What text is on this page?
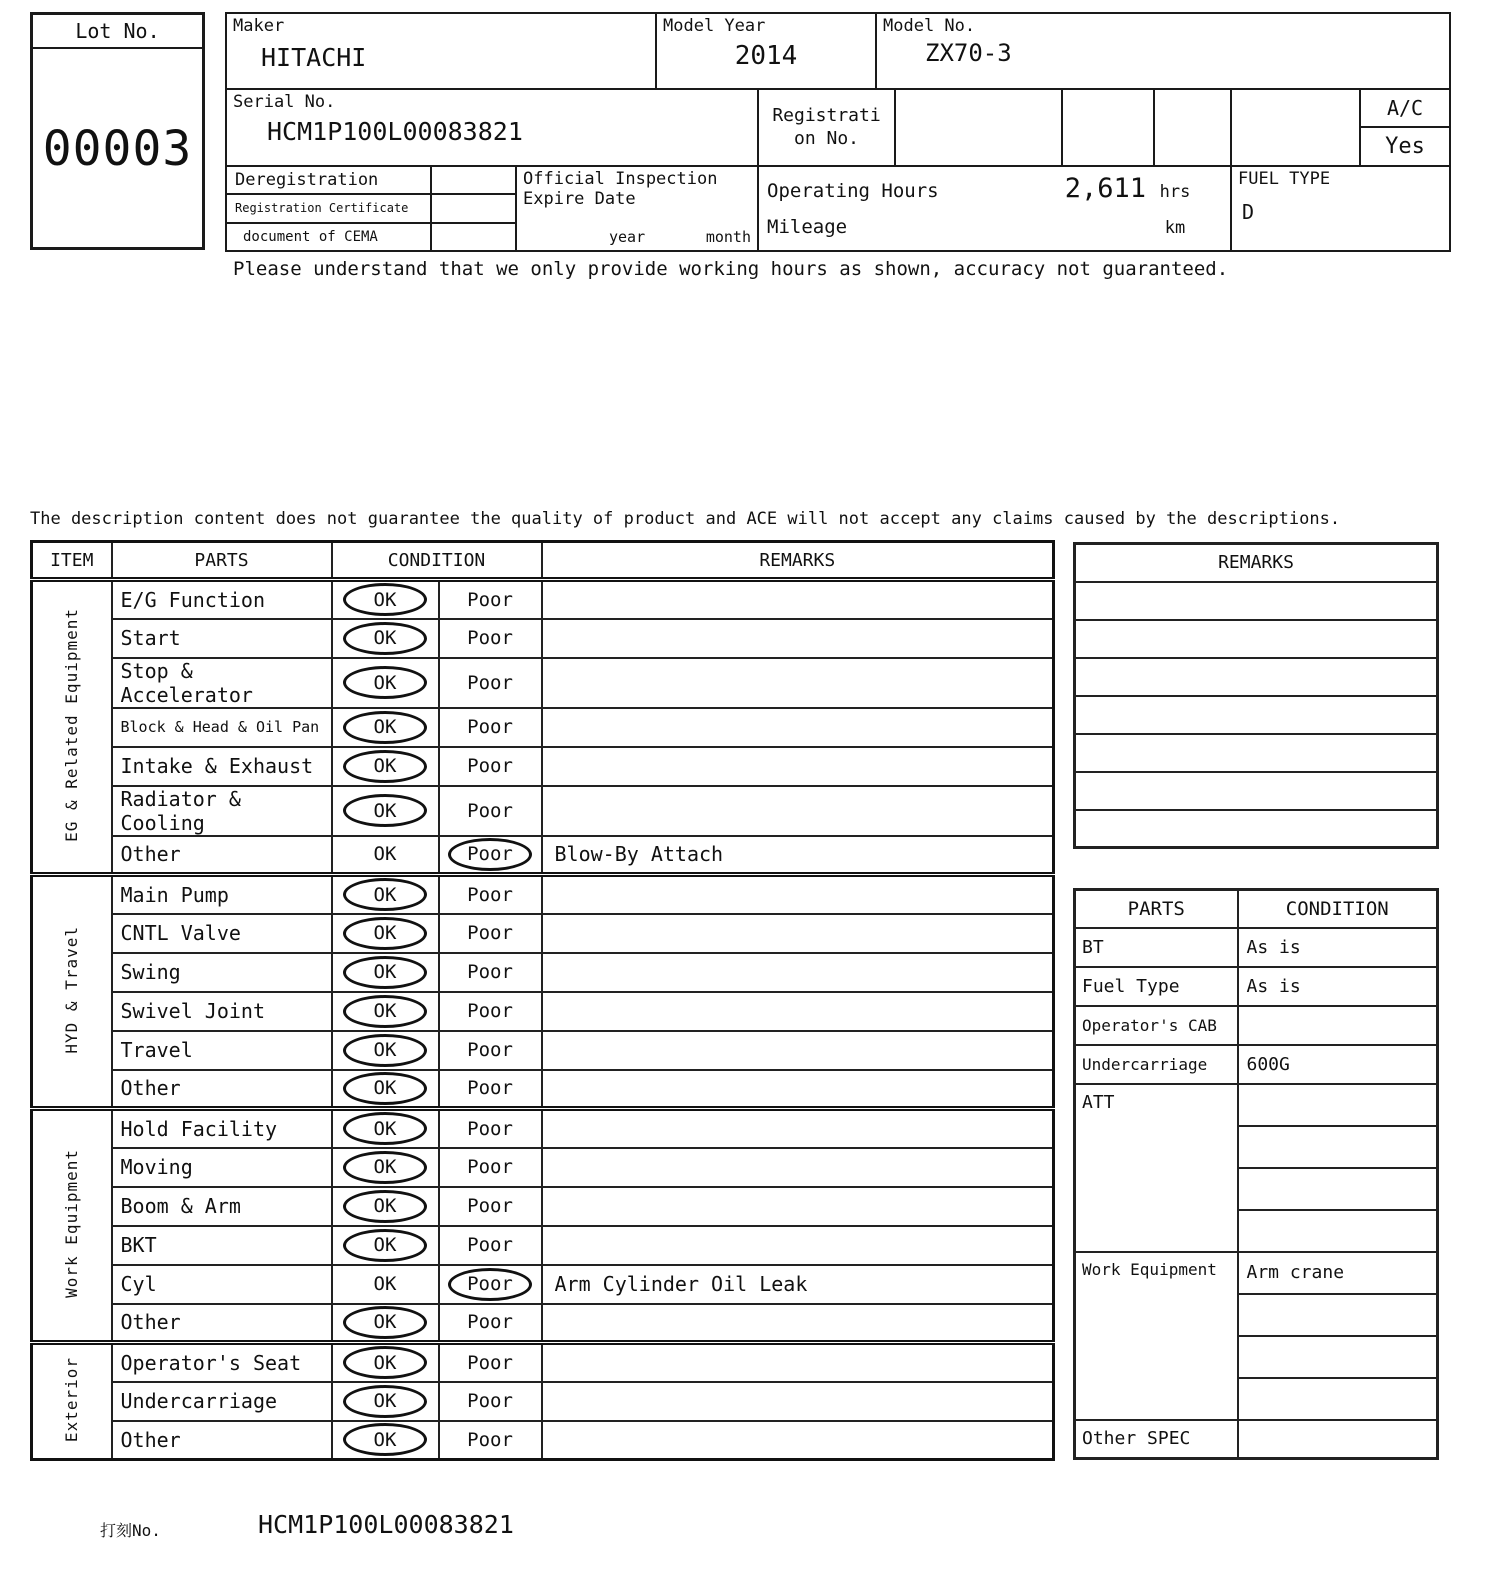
Lot No.
00003
Maker
HITACHI
Model Year
2014
Model No.
ZX70-3
Serial No.
HCM1P100L00083821
Registrati
on No.
A/C
Yes
Deregistration
Registration Certificate
document of CEMA
Official Inspection
Expire Date
year	month
Operating Hours	2,611 hrs
Mileage	km
FUEL TYPE
D
Please understand that we only provide working hours as shown, accuracy not guaranteed.
The description content does not guarantee the quality of product and ACE will not accept any claims caused by the descriptions.
ITEM	PARTS	CONDITION		REMARKS
EG & Related Equipment	E/G Function	OK	Poor	
	Start	OK	Poor	
	Stop & Accelerator	OK	Poor	
	Block & Head & Oil Pan	OK	Poor	
	Intake & Exhaust	OK	Poor	
	Radiator & Cooling	OK	Poor	
	Other	OK	Poor	Blow-By Attach
HYD & Travel	Main Pump	OK	Poor	
	CNTL Valve	OK	Poor	
	Swing	OK	Poor	
	Swivel Joint	OK	Poor	
	Travel	OK	Poor	
	Other	OK	Poor	
Work Equipment	Hold Facility	OK	Poor	
	Moving	OK	Poor	
	Boom & Arm	OK	Poor	
	BKT	OK	Poor	
	Cyl	OK	Poor	Arm Cylinder Oil Leak
	Other	OK	Poor	
Exterior	Operator's Seat	OK	Poor	
	Undercarriage	OK	Poor	
	Other	OK	Poor	
REMARKS

PARTS	CONDITION
BT	As is
Fuel Type	As is
Operator's CAB	
Undercarriage	600G
ATT	

Work Equipment	Arm crane

Other SPEC	
打刻No.	HCM1P100L00083821
